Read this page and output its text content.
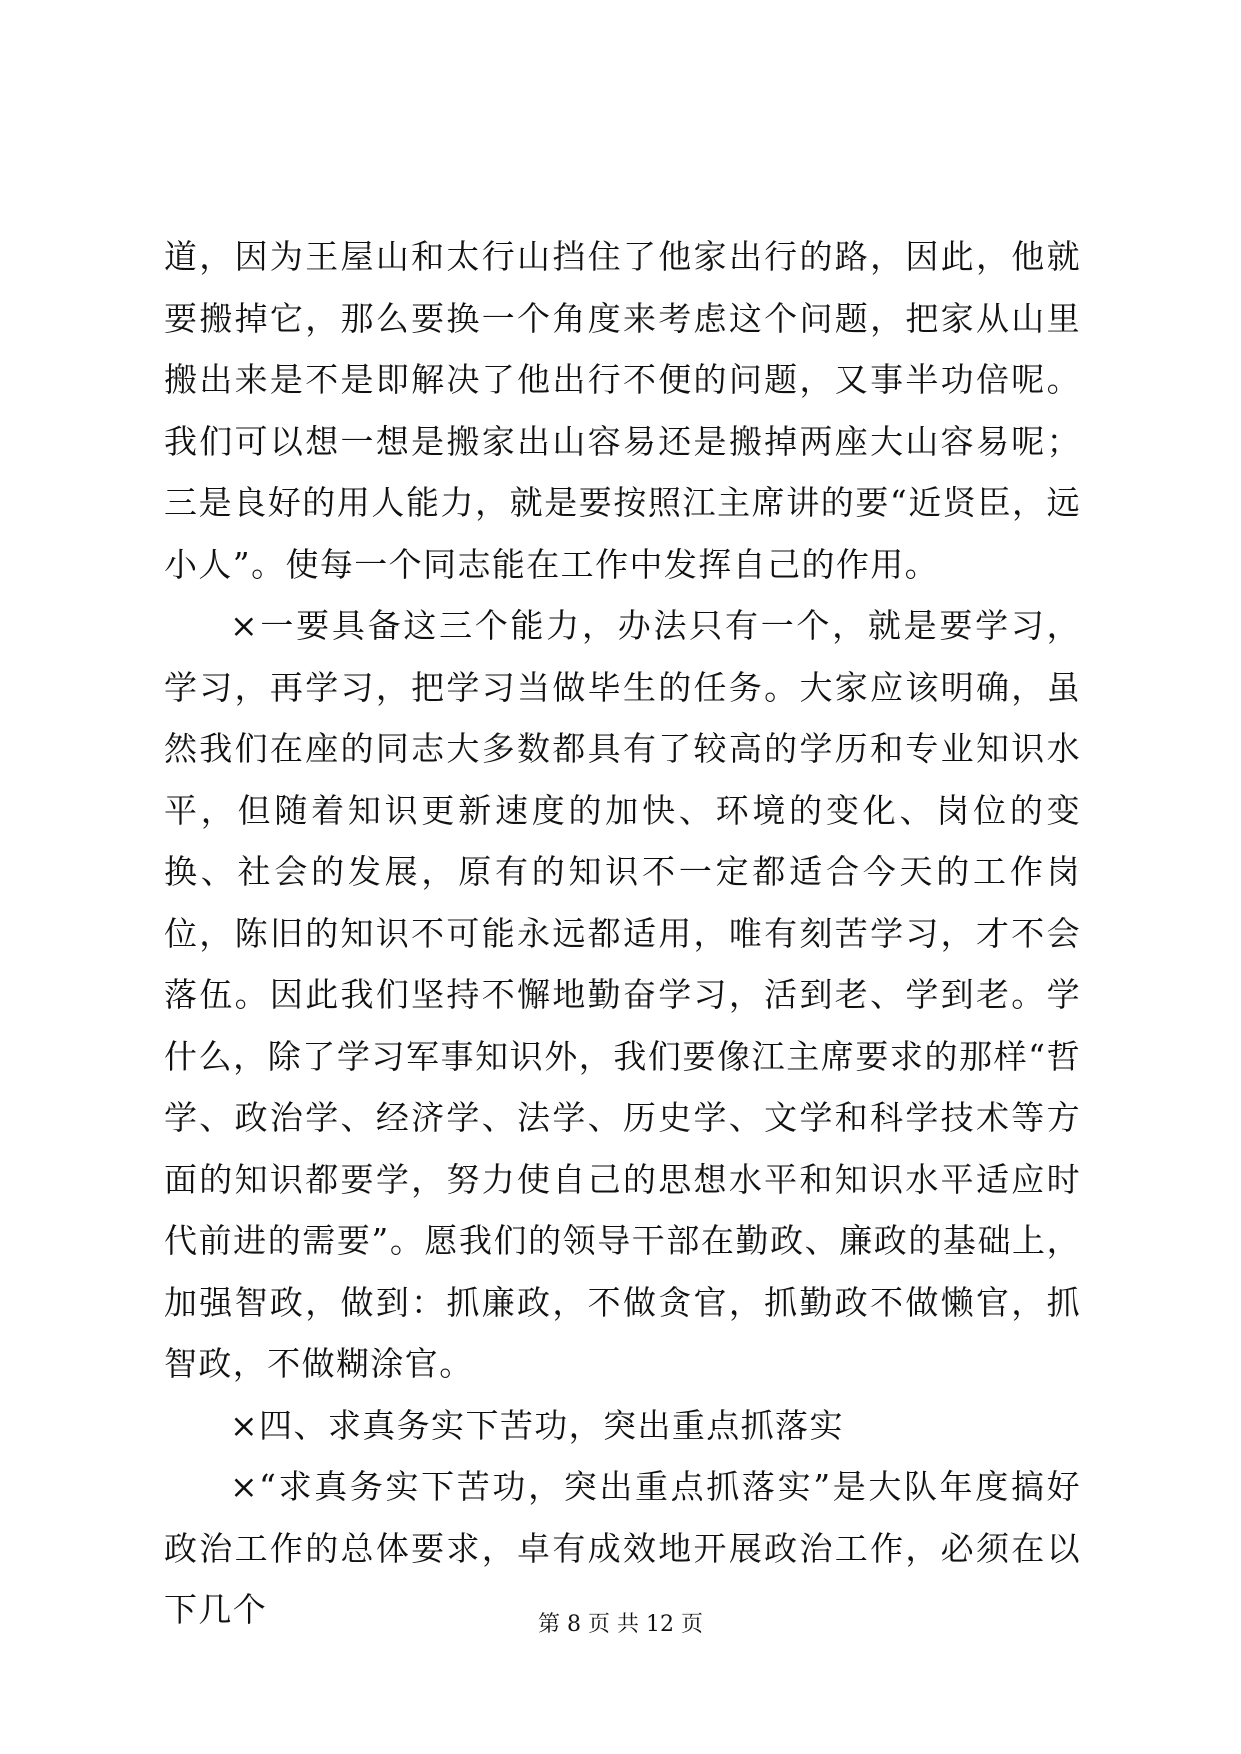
道，因为王屋山和太行山挡住了他家出行的路，因此，他就要搬掉它，那么要换一个角度来考虑这个问题，把家从山里搬出来是不是即解决了他出行不便的问题，又事半功倍呢。我们可以想一想是搬家出山容易还是搬掉两座大山容易呢；三是良好的用人能力，就是要按照江主席讲的要“近贤臣，远小人”。使每一个同志能在工作中发挥自己的作用。

×一要具备这三个能力，办法只有一个，就是要学习，学习，再学习，把学习当做毕生的任务。大家应该明确，虽然我们在座的同志大多数都具有了较高的学历和专业知识水平，但随着知识更新速度的加快、环境的变化、岗位的变换、社会的发展，原有的知识不一定都适合今天的工作岗位，陈旧的知识不可能永远都适用，唯有刻苦学习，才不会落伍。因此我们坚持不懈地勤奋学习，活到老、学到老。学什么，除了学习军事知识外，我们要像江主席要求的那样“哲学、政治学、经济学、法学、历史学、文学和科学技术等方面的知识都要学，努力使自己的思想水平和知识水平适应时代前进的需要”。愿我们的领导干部在勤政、廉政的基础上，加强智政，做到：抓廉政，不做贪官，抓勤政不做懒官，抓智政，不做糊涂官。

×四、求真务实下苦功，突出重点抓落实

×“求真务实下苦功，突出重点抓落实”是大队年度搞好政治工作的总体要求，卓有成效地开展政治工作，必须在以下几个	第 8 页 共 12 页
